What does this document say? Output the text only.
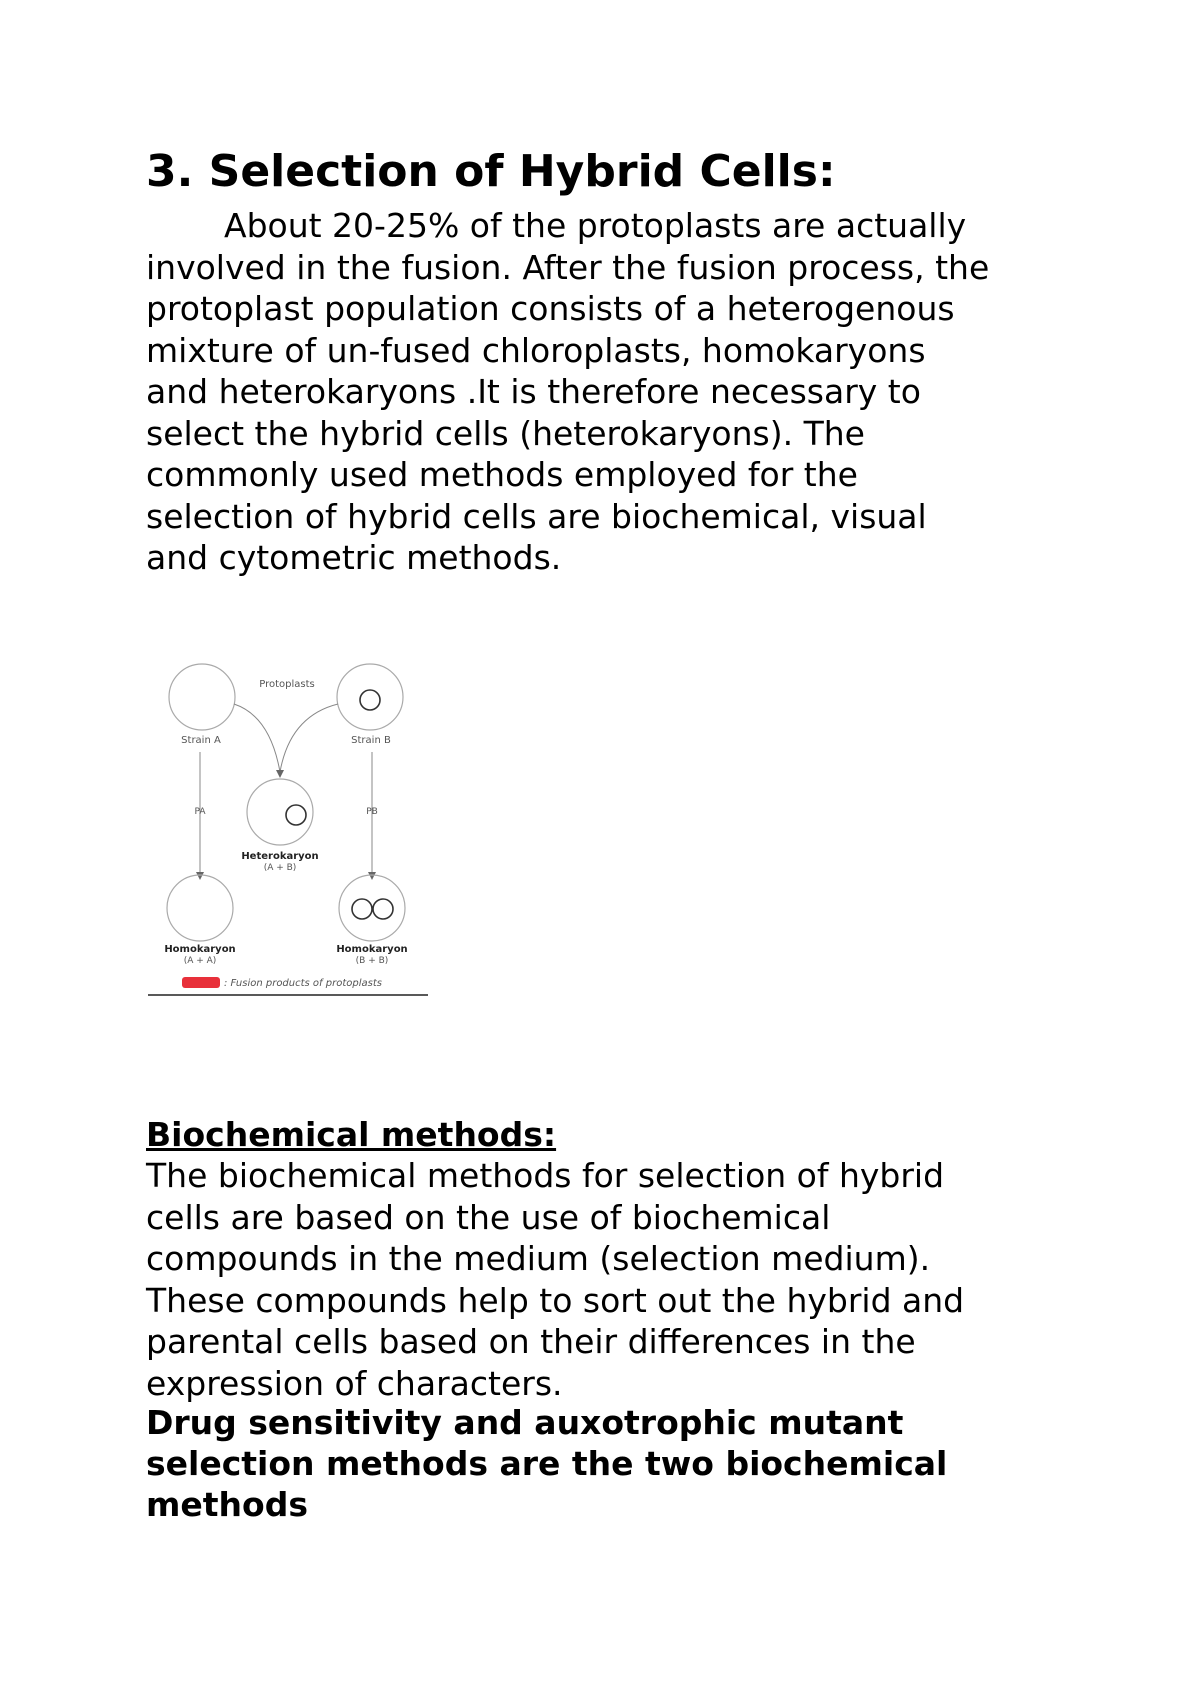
3. Selection of Hybrid Cells:

About 20-25% of the protoplasts are actually
involved in the fusion. After the fusion process, the
protoplast population consists of a heterogenous
mixture of un-fused chloroplasts, homokaryons
and heterokaryons .It is therefore necessary to
select the hybrid cells (heterokaryons). The
commonly used methods employed for the
selection of hybrid cells are biochemical, visual
and cytometric methods.

Protoplasts
Strain A	Strain B
Heterokaryon
(A + B)
PA	PB
Homokaryon
(A + A)
Homokaryon
(B + B)
: Fusion products of protoplasts
Biochemical methods:

The biochemical methods for selection of hybrid
cells are based on the use of biochemical
compounds in the medium (selection medium).
These compounds help to sort out the hybrid and
parental cells based on their differences in the
expression of characters.

Drug sensitivity and auxotrophic mutant
selection methods are the two biochemical
methods
